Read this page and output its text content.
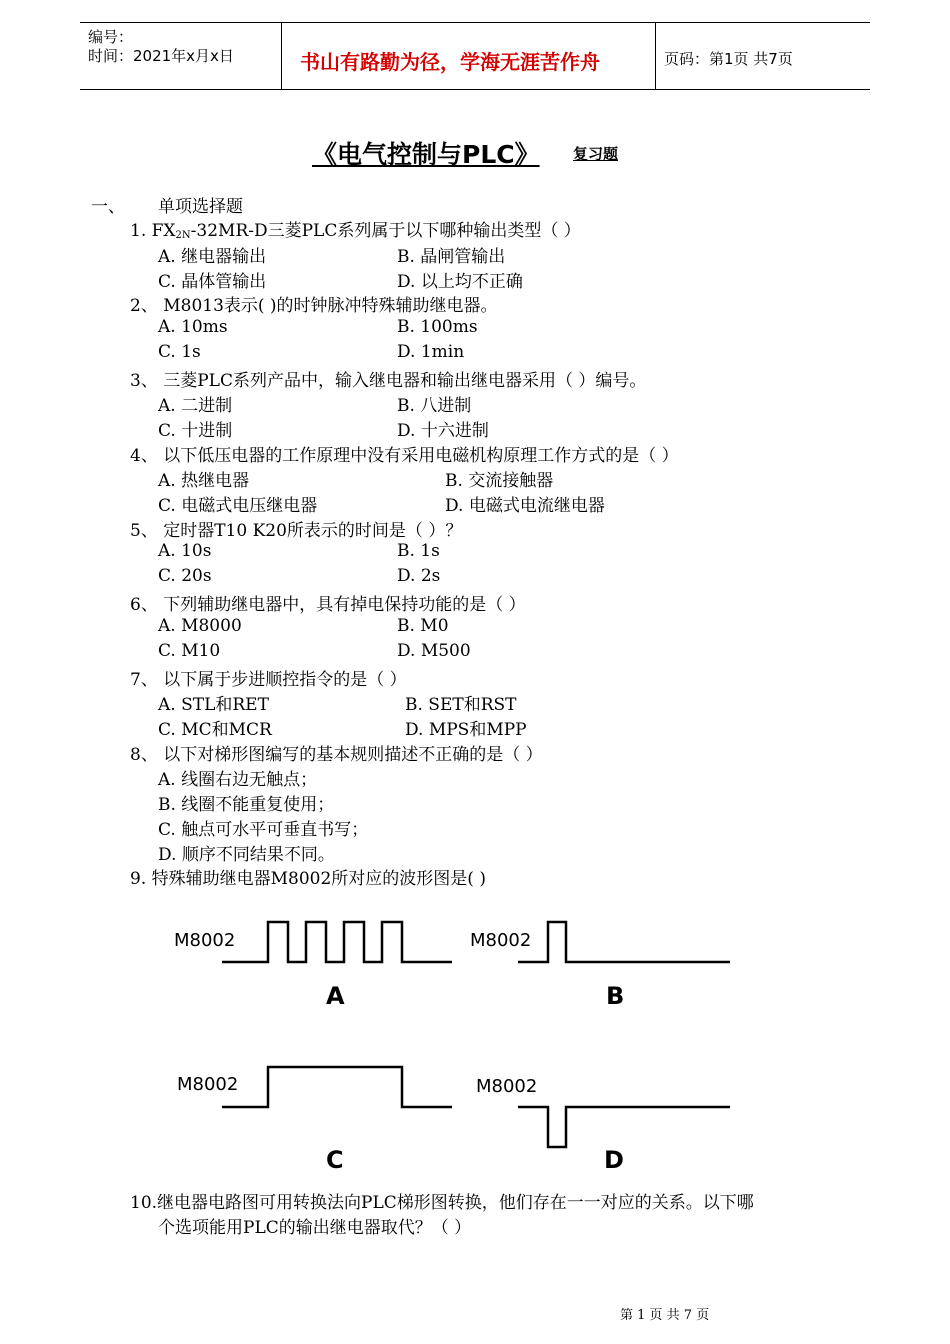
编号：
时间：2021年x月x日	书山有路勤为径，学海无涯苦作舟	页码：第1页 共7页
《电气控制与PLC》 复习题
一、 单项选择题
1. $FX_{2N}-32MR-D$三菱PLC系列属于以下哪种输出类型（ ）
A. 继电器输出	B. 晶闸管输出
C. 晶体管输出	D. 以上均不正确
2、 M8013表示( )的时钟脉冲特殊辅助继电器。
A. 10ms	B. 100ms
C. 1s	D. 1min
3、 三菱PLC系列产品中，输入继电器和输出继电器采用（ ）编号。
A. 二进制	B. 八进制
C. 十进制	D. 十六进制
4、 以下低压电器的工作原理中没有采用电磁机构原理工作方式的是（ ）
A. 热继电器	B. 交流接触器
C. 电磁式电压继电器	D. 电磁式电流继电器
5、 定时器T10 K20所表示的时间是（ ）？
A. 10s	B. 1s
C. 20s	D. 2s
6、 下列辅助继电器中，具有掉电保持功能的是（ ）
A. M8000	B. M0
C. M10	D. M500
7、 以下属于步进顺控指令的是（ ）
A. STL和RET	B. SET和RST
C. MC和MCR	D. MPS和MPP
8、 以下对梯形图编写的基本规则描述不正确的是（ ）
A. 线圈右边无触点；
B. 线圈不能重复使用；
C. 触点可水平可垂直书写；
D. 顺序不同结果不同。
9. 特殊辅助继电器M8002所对应的波形图是( )
M8002
A
M8002
B
M8002
C
M8002
D
10.继电器电路图可用转换法向PLC梯形图转换，他们存在一一对应的关系。以下哪
个选项能用PLC的输出继电器取代？（ ）
第 1 页 共 7 页
